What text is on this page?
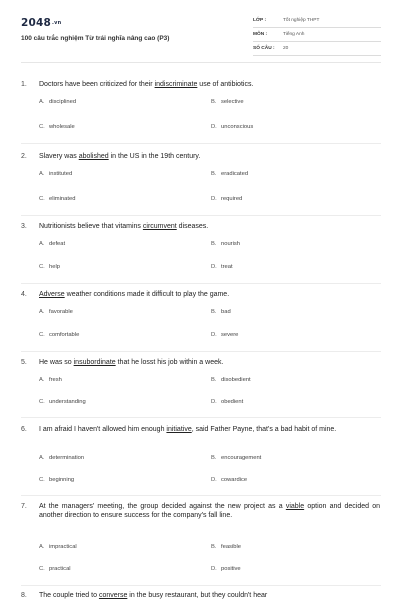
2048.vn
100 câu trắc nghiệm Từ trái nghĩa nâng cao (P3)
LỚP :	Tốt nghiệp THPT
MÔN :	Tiếng Anh
SỐ CÂU :	20
1.	Doctors have been criticized for their indiscriminate use of antibiotics.
A. disciplined	B. selective
C. wholesale	D. unconscious
2.	Slavery was abolished in the US in the 19th century.
A. instituted	B. eradicated
C. eliminated	D. required
3.	Nutritionists believe that vitamins circumvent diseases.
A. defeat	B. nourish
C. help	D. treat
4.	Adverse weather conditions made it difficult to play the game.
A. favorable	B. bad
C. comfortable	D. severe
5.	He was so insubordinate that he losst his job within a week.
A. fresh	B. disobedient
C. understanding	D. obedient
6.	I am afraid I haven't allowed him enough initiative, said Father Payne, that's a bad habit of mine.
A. determination	B. encouragement
C. beginning	D. cowardice
7.	At the managers' meeting, the group decided against the new project as a viable option and decided on another direction to ensure success for the company's fall line.
A. impractical	B. feasible
C. practical	D. positive
8.	The couple tried to converse in the busy restaurant, but they couldn't hear
